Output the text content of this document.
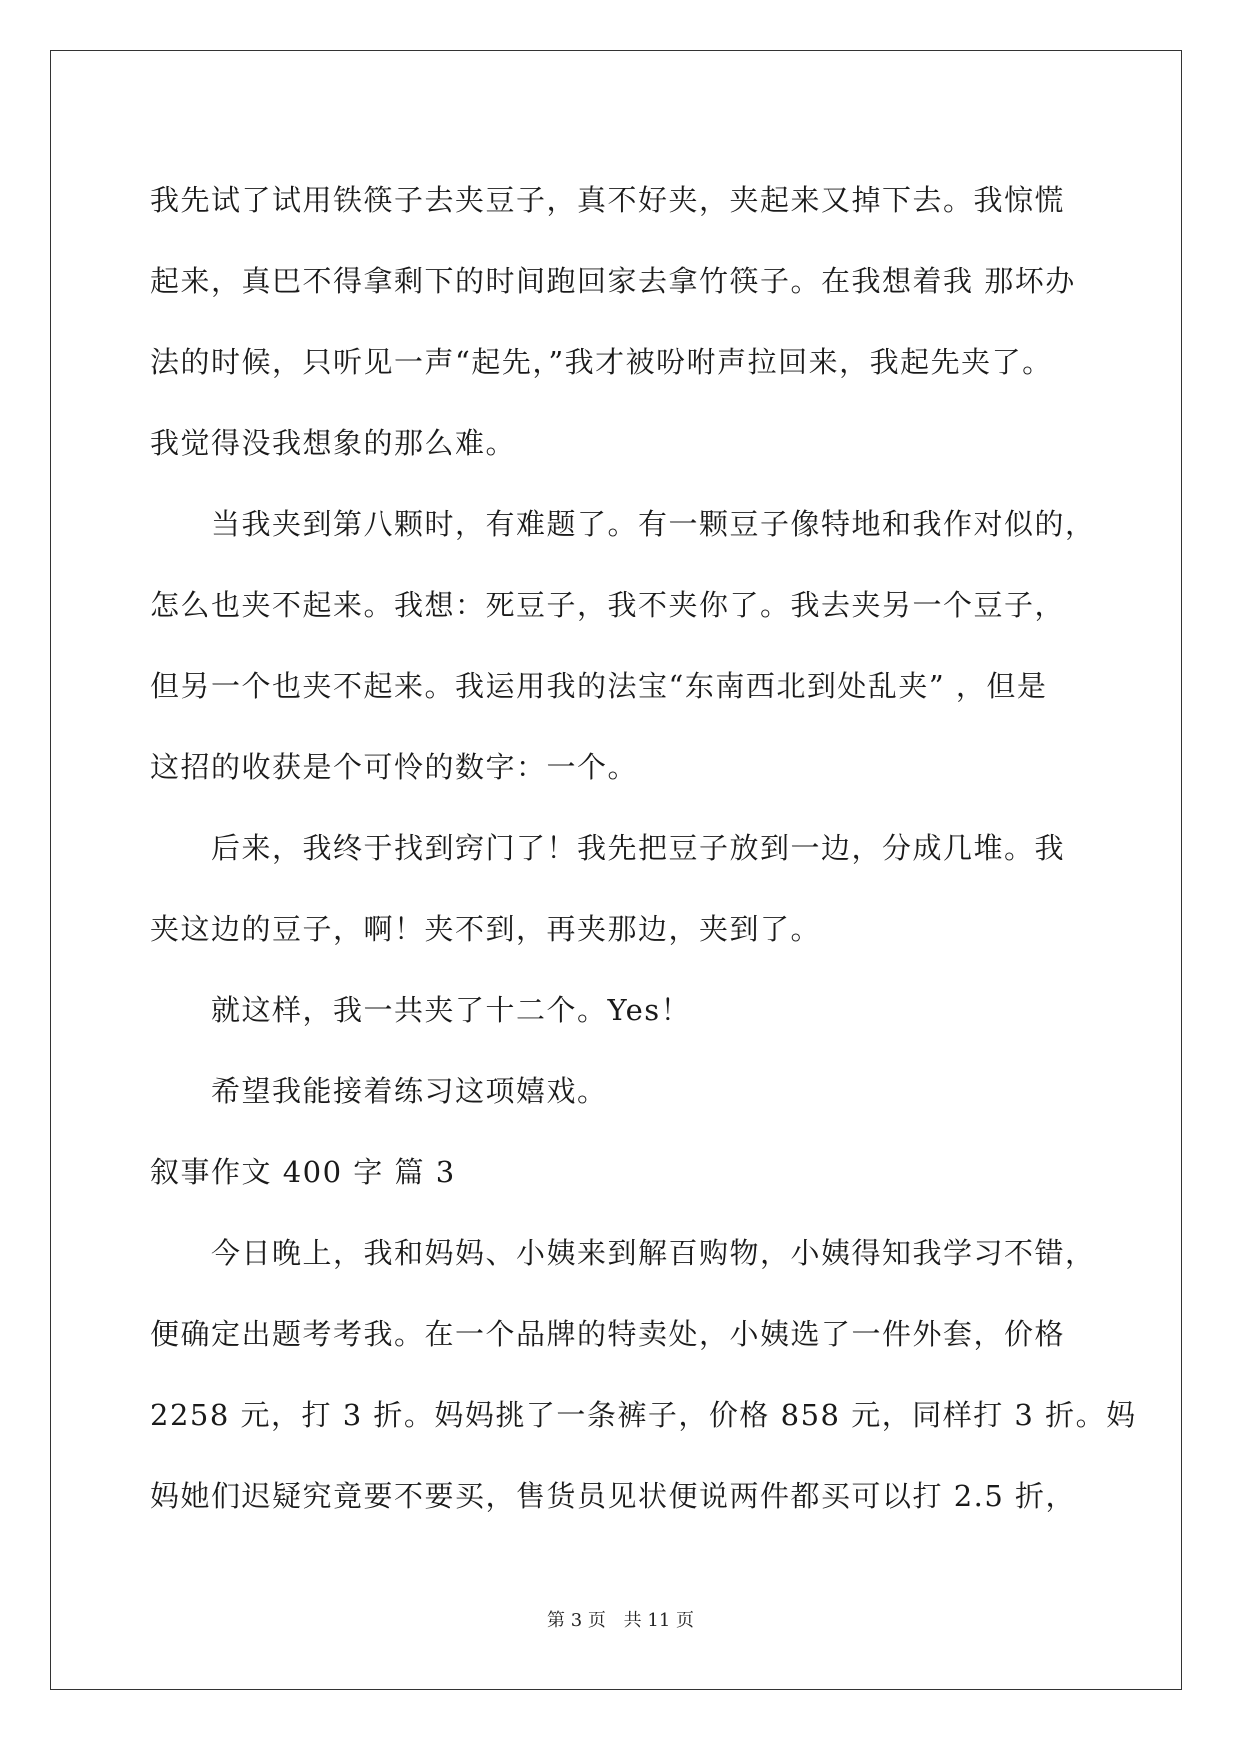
我先试了试用铁筷子去夹豆子，真不好夹，夹起来又掉下去。我惊慌
起来，真巴不得拿剩下的时间跑回家去拿竹筷子。在我想着我 那坏办
法的时候，只听见一声“起先，”我才被吩咐声拉回来，我起先夹了。
我觉得没我想象的那么难。
　　当我夹到第八颗时，有难题了。有一颗豆子像特地和我作对似的，
怎么也夹不起来。我想：死豆子，我不夹你了。我去夹另一个豆子，
但另一个也夹不起来。我运用我的法宝“东南西北到处乱夹” ，但是
这招的收获是个可怜的数字：一个。
　　后来，我终于找到窍门了！我先把豆子放到一边，分成几堆。我
夹这边的豆子，啊！夹不到，再夹那边，夹到了。
　　就这样，我一共夹了十二个。Yes！
　　希望我能接着练习这项嬉戏。
叙事作文 400 字 篇 3
　　今日晚上，我和妈妈、小姨来到解百购物，小姨得知我学习不错，
便确定出题考考我。在一个品牌的特卖处，小姨选了一件外套，价格
2258 元，打 3 折。妈妈挑了一条裤子，价格 858 元，同样打 3 折。妈
妈她们迟疑究竟要不要买，售货员见状便说两件都买可以打 2.5 折，
第 3 页 共 11 页
